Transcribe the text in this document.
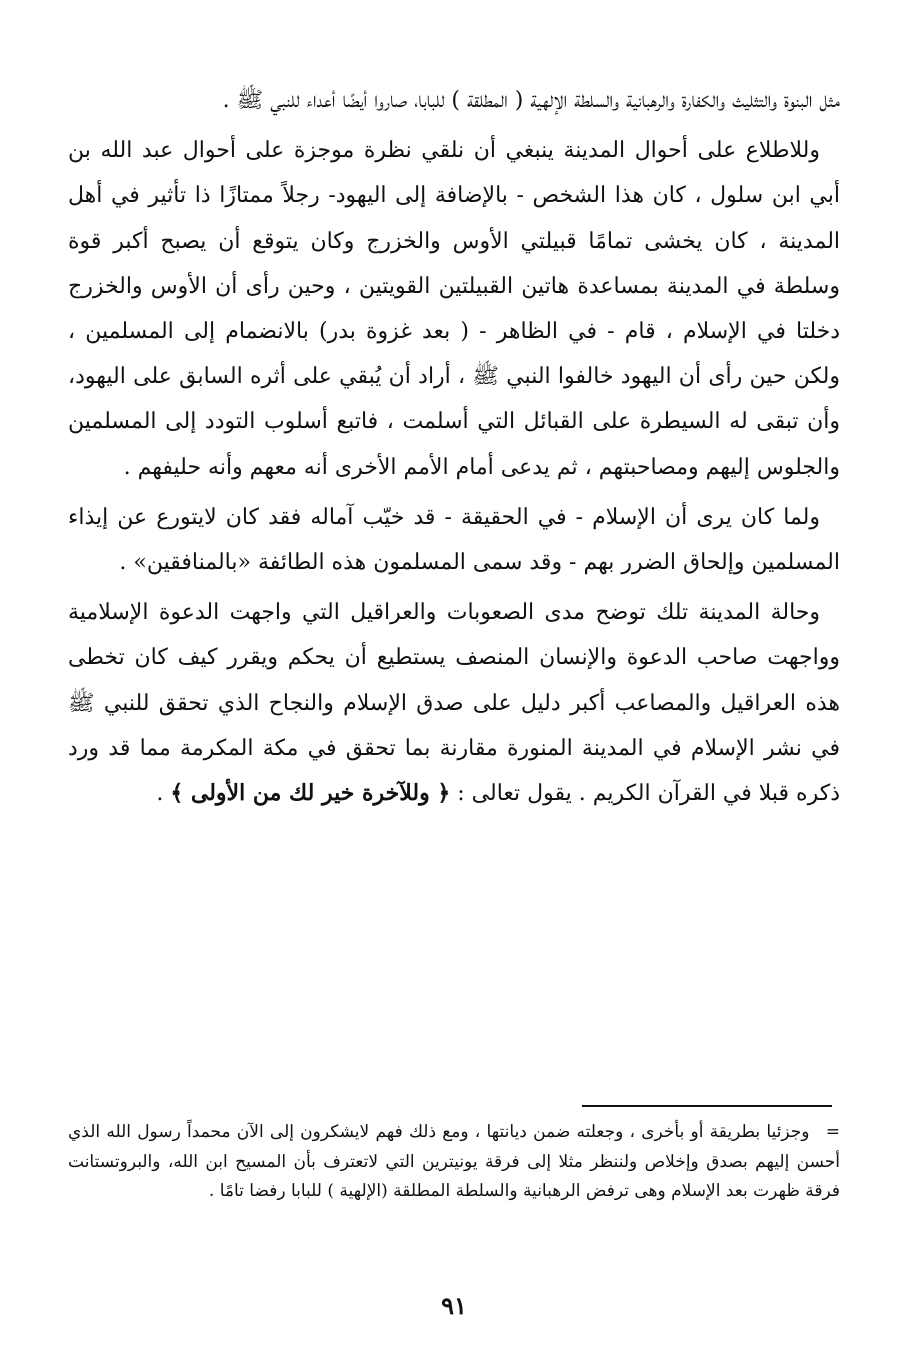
مثل البنوة والتثليث والكفارة والرهبانية والسلطة الإلهية ( المطلقة ) للبابا، صاروا أيضًا أعداء للنبي ﷺ .

وللاطلاع على أحوال المدينة ينبغي أن نلقي نظرة موجزة على أحوال عبد الله بن أبي ابن سلول ، كان هذا الشخص - بالإضافة إلى اليهود- رجلاً ممتازًا ذا تأثير في أهل المدينة ، كان يخشى تمامًا قبيلتي الأوس والخزرج وكان يتوقع أن يصبح أكبر قوة وسلطة في المدينة بمساعدة هاتين القبيلتين القويتين ، وحين رأى أن الأوس والخزرج دخلتا في الإسلام ، قام - في الظاهر - ( بعد غزوة بدر) بالانضمام إلى المسلمين ، ولكن حين رأى أن اليهود خالفوا النبي ﷺ ، أراد أن يُبقي على أثره السابق على اليهود، وأن تبقى له السيطرة على القبائل التي أسلمت ، فاتبع أسلوب التودد إلى المسلمين والجلوس إليهم ومصاحبتهم ، ثم يدعى أمام الأمم الأخرى أنه معهم وأنه حليفهم .

ولما كان يرى أن الإسلام - في الحقيقة - قد خيّب آماله فقد كان لايتورع عن إيذاء المسلمين وإلحاق الضرر بهم - وقد سمى المسلمون هذه الطائفة «بالمنافقين» .

وحالة المدينة تلك توضح مدى الصعوبات والعراقيل التي واجهت الدعوة الإسلامية وواجهت صاحب الدعوة والإنسان المنصف يستطيع أن يحكم ويقرر كيف كان تخطى هذه العراقيل والمصاعب أكبر دليل على صدق الإسلام والنجاح الذي تحقق للنبي ﷺ في نشر الإسلام في المدينة المنورة مقارنة بما تحقق في مكة المكرمة مما قد ورد ذكره قبلا في القرآن الكريم . يقول تعالى : ﴿ وللآخرة خير لك من الأولى ﴾ .

= وجزئيا بطريقة أو بأخرى ، وجعلته ضمن ديانتها ، ومع ذلك فهم لايشكرون إلى الآن محمداً رسول الله الذي أحسن إليهم بصدق وإخلاص ولننظر مثلا إلى فرقة يونيترين التي لاتعترف بأن المسيح ابن الله، والبروتستانت فرقة ظهرت بعد الإسلام وهى ترفض الرهبانية والسلطة المطلقة (الإلهية ) للبابا رفضا تامًا .
٩١
